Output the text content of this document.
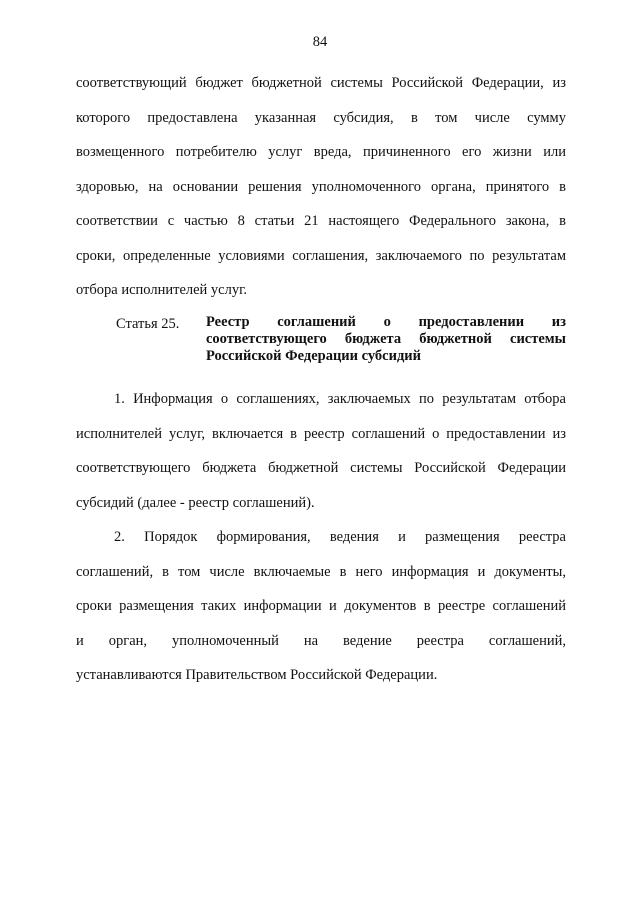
84
соответствующий бюджет бюджетной системы Российской Федерации, из
которого предоставлена указанная субсидия, в том числе сумму
возмещенного потребителю услуг вреда, причиненного его жизни или
здоровью, на основании решения уполномоченного органа, принятого в
соответствии с частью 8 статьи 21 настоящего Федерального закона, в
сроки, определенные условиями соглашения, заключаемого по результатам
отбора исполнителей услуг.
Статья 25.	Реестр соглашений о предоставлении из
соответствующего бюджета бюджетной системы
Российской Федерации субсидий
1. Информация о соглашениях, заключаемых по результатам отбора
исполнителей услуг, включается в реестр соглашений о предоставлении из
соответствующего бюджета бюджетной системы Российской Федерации
субсидий (далее - реестр соглашений).
2. Порядок формирования, ведения и размещения реестра
соглашений, в том числе включаемые в него информация и документы,
сроки размещения таких информации и документов в реестре соглашений
и орган, уполномоченный на ведение реестра соглашений,
устанавливаются Правительством Российской Федерации.
